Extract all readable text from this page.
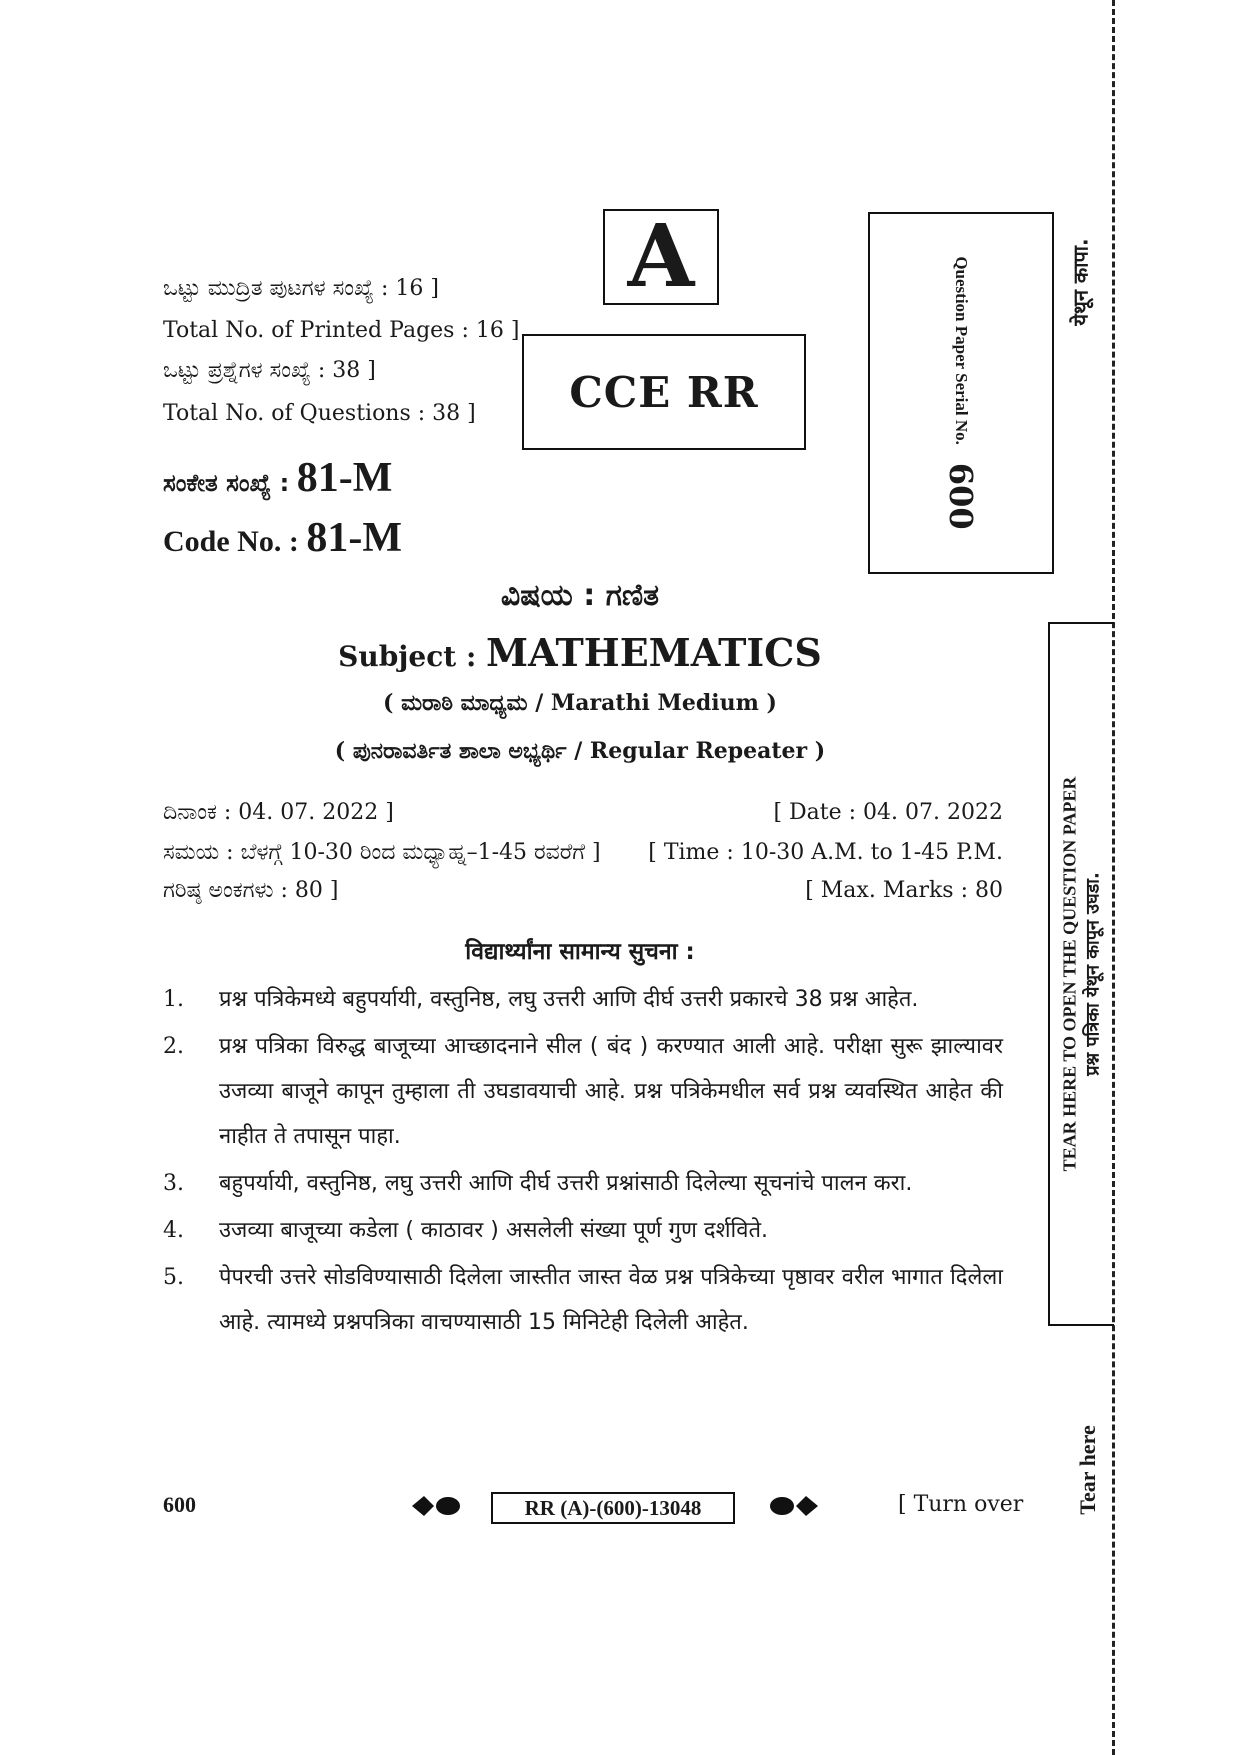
ಒಟ್ಟು ಮುದ್ರಿತ ಪುಟಗಳ ಸಂಖ್ಯೆ : 16 ]
Total No. of Printed Pages : 16 ]
ಒಟ್ಟು ಪ್ರಶ್ನೆಗಳ ಸಂಖ್ಯೆ : 38 ]
Total No. of Questions : 38 ]
ಸಂಕೇತ ಸಂಖ್ಯೆ : 81-M
Code No. : 81-M
A
CCE RR	Question Paper Serial No.
600
येथून कापा.
TEAR HERE TO OPEN THE QUESTION PAPER प्रश्न पत्रिका येथून कापून उघडा.
Tear here
ವಿಷಯ : ಗಣಿತ
Subject : MATHEMATICS
( ಮರಾಠಿ ಮಾಧ್ಯಮ / Marathi Medium )
( ಪುನರಾವರ್ತಿತ ಶಾಲಾ ಅಭ್ಯರ್ಥಿ / Regular Repeater )
ದಿನಾಂಕ : 04. 07. 2022 ]	[ Date : 04. 07. 2022
ಸಮಯ : ಬೆಳಗ್ಗೆ 10-30 ರಿಂದ ಮಧ್ಯಾಹ್ನ–1-45 ರವರೆಗೆ ] [ Time : 10-30 A.M. to 1-45 P.M.
ಗರಿಷ್ಠ ಅಂಕಗಳು : 80 ]	[ Max. Marks : 80
विद्यार्थ्यांना सामान्य सुचना :
1.	प्रश्न पत्रिकेमध्ये बहुपर्यायी, वस्तुनिष्ठ, लघु उत्तरी आणि दीर्घ उत्तरी प्रकारचे 38 प्रश्न आहेत.
2.	प्रश्न पत्रिका विरुद्ध बाजूच्या आच्छादनाने सील ( बंद ) करण्यात आली आहे. परीक्षा सुरू झाल्यावर उजव्या बाजूने कापून तुम्हाला ती उघडावयाची आहे. प्रश्न पत्रिकेमधील सर्व प्रश्न व्यवस्थित आहेत की नाहीत ते तपासून पाहा.
3.	बहुपर्यायी, वस्तुनिष्ठ, लघु उत्तरी आणि दीर्घ उत्तरी प्रश्नांसाठी दिलेल्या सूचनांचे पालन करा.
4.	उजव्या बाजूच्या कडेला ( काठावर ) असलेली संख्या पूर्ण गुण दर्शविते.
5.	पेपरची उत्तरे सोडविण्यासाठी दिलेला जास्तीत जास्त वेळ प्रश्न पत्रिकेच्या पृष्ठावर वरील भागात दिलेला आहे. त्यामध्ये प्रश्नपत्रिका वाचण्यासाठी 15 मिनिटेही दिलेली आहेत.
600	RR (A)-(600)-13048	[ Turn over
